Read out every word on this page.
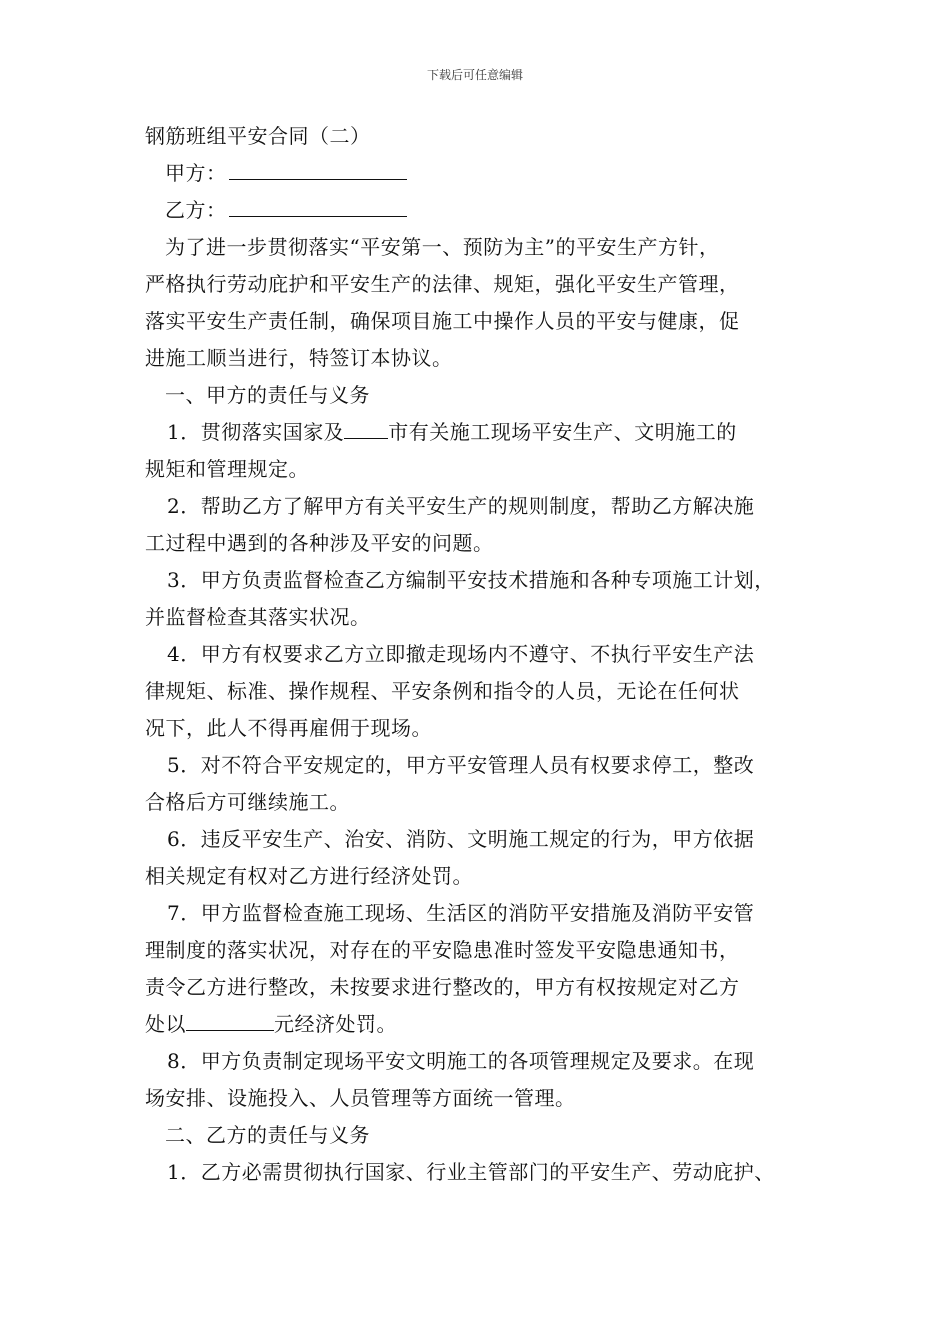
下载后可任意编辑

钢筋班组平安合同（二）

甲方：

乙方：

为了进一步贯彻落实“平安第一、预防为主”的平安生产方针，

严格执行劳动庇护和平安生产的法律、规矩，强化平安生产管理，

落实平安生产责任制，确保项目施工中操作人员的平安与健康，促

进施工顺当进行，特签订本协议。

一、甲方的责任与义务

1．贯彻落实国家及 市有关施工现场平安生产、文明施工的

规矩和管理规定。

2．帮助乙方了解甲方有关平安生产的规则制度，帮助乙方解决施

工过程中遇到的各种涉及平安的问题。

3．甲方负责监督检查乙方编制平安技术措施和各种专项施工计划，

并监督检查其落实状况。

4．甲方有权要求乙方立即撤走现场内不遵守、不执行平安生产法

律规矩、标准、操作规程、平安条例和指令的人员，无论在任何状

况下，此人不得再雇佣于现场。

5．对不符合平安规定的，甲方平安管理人员有权要求停工，整改

合格后方可继续施工。

6．违反平安生产、治安、消防、文明施工规定的行为，甲方依据

相关规定有权对乙方进行经济处罚。

7．甲方监督检查施工现场、生活区的消防平安措施及消防平安管

理制度的落实状况，对存在的平安隐患准时签发平安隐患通知书，

责令乙方进行整改，未按要求进行整改的，甲方有权按规定对乙方

处以	元经济处罚。

8．甲方负责制定现场平安文明施工的各项管理规定及要求。在现

场安排、设施投入、人员管理等方面统一管理。

二、乙方的责任与义务

1．乙方必需贯彻执行国家、行业主管部门的平安生产、劳动庇护、
